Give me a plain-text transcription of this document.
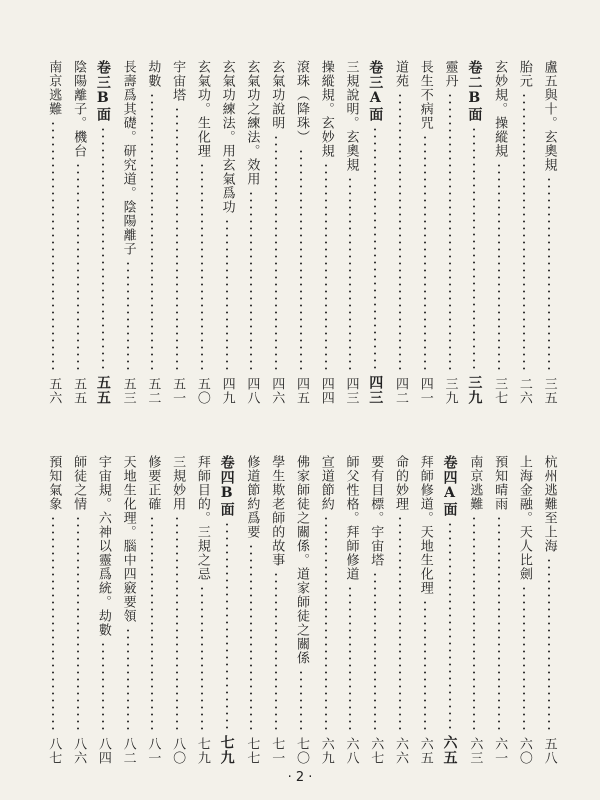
盧五與十。玄奧規
三五
胎元
二六
玄妙規。操縱規
三七
卷二B面
三九
靈丹
三九
長生不病咒
四一
道苑
四二
卷三A面
四三
三規說明。玄奧規
四三
操縱規。玄妙規
四四
滾珠（降珠）
四五
玄氣功說明
四六
玄氣功之練法。效用
四八
玄氣功練法。用玄氣爲功
四九
玄氣功。生化理
五〇
宇宙塔
五一
劫數
五二
長壽爲其礎。研究道。陰陽離子
五三
卷三B面
五五
陰陽離子。機台
五五
南京逃難
五六
杭州逃難至上海
五八
上海金融。天人比劍
六〇
預知晴雨
六一
南京逃難
六三
卷四A面
六五
拜師修道。天地生化理
六五
命的妙理
六六
要有目標。宇宙塔
六七
師父性格。拜師修道
六八
宣道節約
六九
佛家師徒之關係。道家師徒之關係
七〇
學生欺老師的故事
七一
修道節約爲要
七七
卷四B面
七九
拜師目的。三規之忌
七九
三規妙用
八〇
修要正確
八一
天地生化理。腦中四竅要領
八二
宇宙規。六神以靈爲統。劫數
八四
師徒之情
八六
預知氣象
八七
· 2 ·
